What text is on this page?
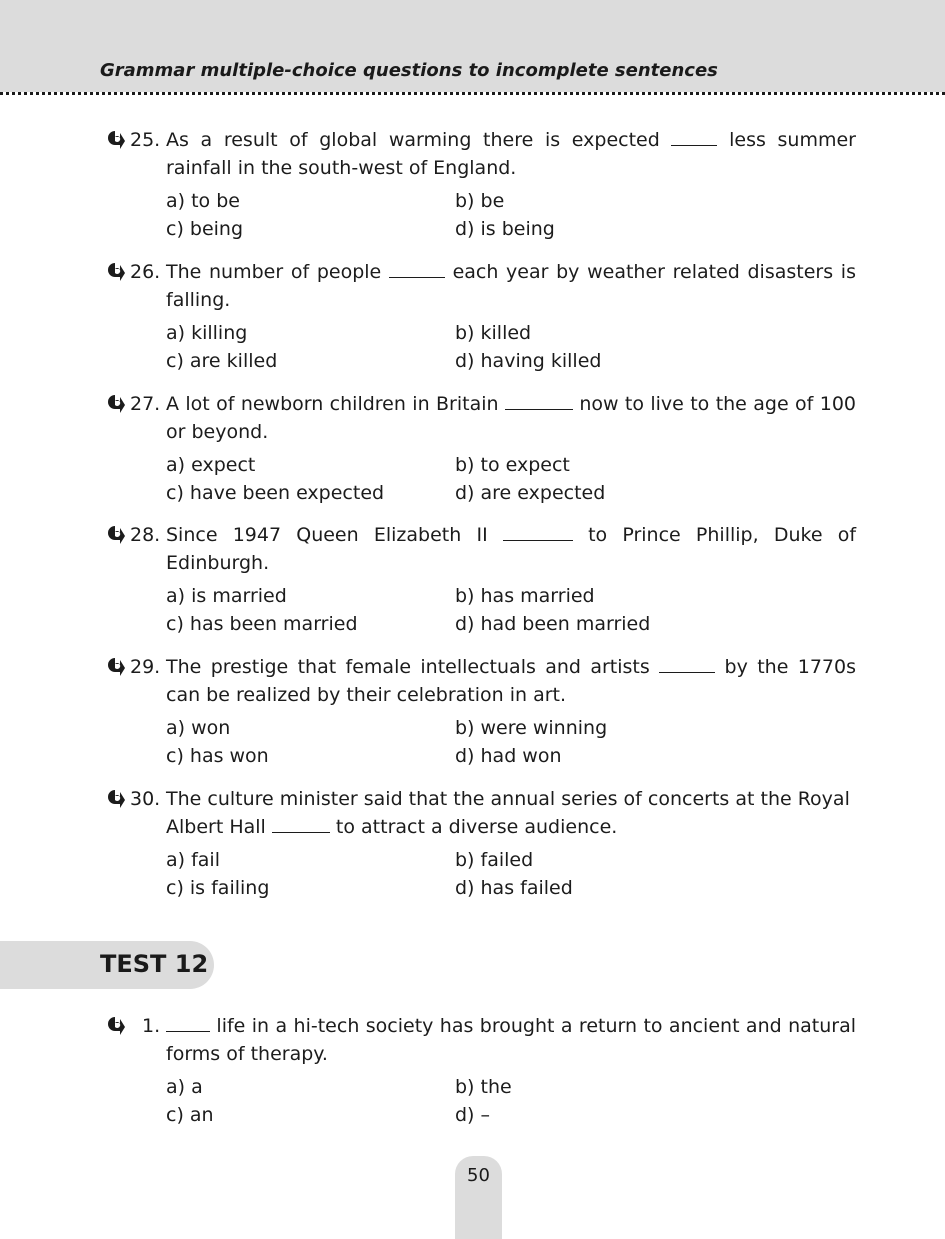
Grammar multiple-choice questions to incomplete sentences
25. As a result of global warming there is expected	less summer rainfall in the south-west of England.
a) to be	b) be
c) being	d) is being
26. The number of people	each year by weather related disasters is falling.
a) killing	b) killed
c) are killed	d) having killed
27. A lot of newborn children in Britain	now to live to the age of 100 or beyond.
a) expect	b) to expect
c) have been expected	d) are expected
28. Since 1947 Queen Elizabeth II	to Prince Phillip, Duke of Edinburgh.
a) is married	b) has married
c) has been married	d) had been married
29. The prestige that female intellectuals and artists	by the 1770s can be realized by their celebration in art.
a) won	b) were winning
c) has won	d) had won
30. The culture minister said that the annual series of concerts at the Royal Albert Hall	to attract a diverse audience.
a) fail	b) failed
c) is failing	d) has failed
TEST 12
1.	life in a hi-tech society has brought a return to ancient and natural forms of therapy.
a) a	b) the
c) an	d) –
50
